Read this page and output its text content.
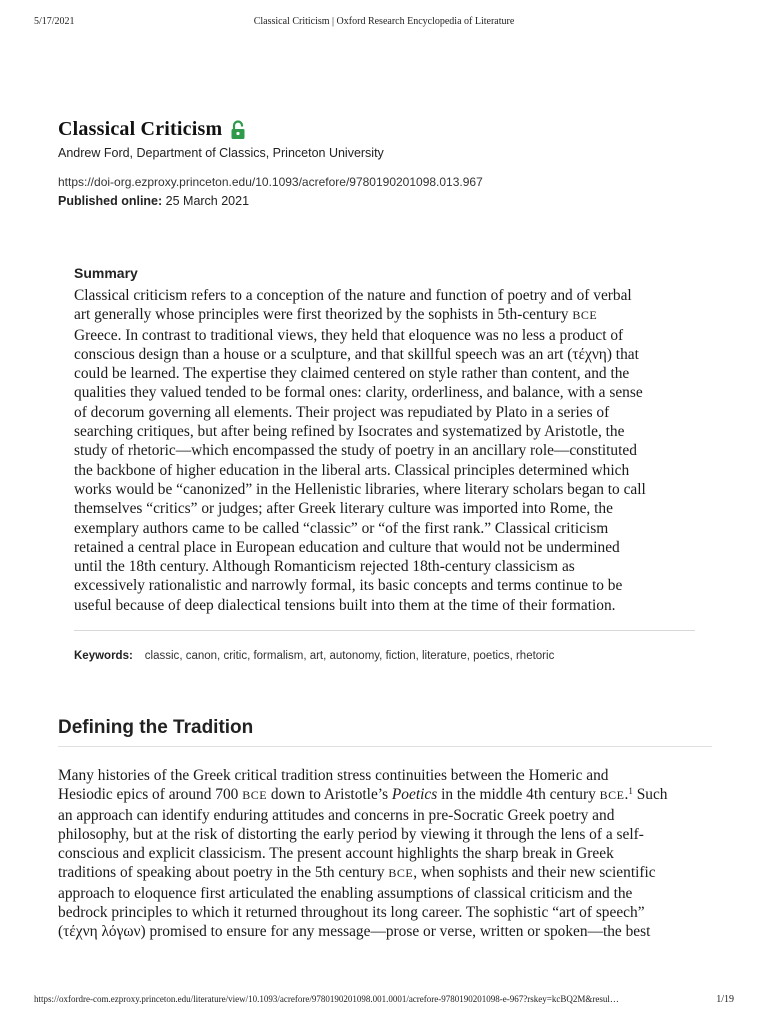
5/17/2021	Classical Criticism | Oxford Research Encyclopedia of Literature
Classical Criticism
Andrew Ford, Department of Classics, Princeton University
https://doi-org.ezproxy.princeton.edu/10.1093/acrefore/9780190201098.013.967
Published online: 25 March 2021
Summary
Classical criticism refers to a conception of the nature and function of poetry and of verbal
art generally whose principles were first theorized by the sophists in 5th-century BCE
Greece. In contrast to traditional views, they held that eloquence was no less a product of
conscious design than a house or a sculpture, and that skillful speech was an art (τέχνη) that
could be learned. The expertise they claimed centered on style rather than content, and the
qualities they valued tended to be formal ones: clarity, orderliness, and balance, with a sense
of decorum governing all elements. Their project was repudiated by Plato in a series of
searching critiques, but after being refined by Isocrates and systematized by Aristotle, the
study of rhetoric—which encompassed the study of poetry in an ancillary role—constituted
the backbone of higher education in the liberal arts. Classical principles determined which
works would be “canonized” in the Hellenistic libraries, where literary scholars began to call
themselves “critics” or judges; after Greek literary culture was imported into Rome, the
exemplary authors came to be called “classic” or “of the first rank.” Classical criticism
retained a central place in European education and culture that would not be undermined
until the 18th century. Although Romanticism rejected 18th-century classicism as
excessively rationalistic and narrowly formal, its basic concepts and terms continue to be
useful because of deep dialectical tensions built into them at the time of their formation.
Keywords: classic, canon, critic, formalism, art, autonomy, fiction, literature, poetics, rhetoric
Defining the Tradition
Many histories of the Greek critical tradition stress continuities between the Homeric and
Hesiodic epics of around 700 BCE down to Aristotle’s Poetics in the middle 4th century BCE.$^1$ Such
an approach can identify enduring attitudes and concerns in pre-Socratic Greek poetry and
philosophy, but at the risk of distorting the early period by viewing it through the lens of a self-
conscious and explicit classicism. The present account highlights the sharp break in Greek
traditions of speaking about poetry in the 5th century BCE, when sophists and their new scientific
approach to eloquence first articulated the enabling assumptions of classical criticism and the
bedrock principles to which it returned throughout its long career. The sophistic “art of speech”
(τέχνη λόγων) promised to ensure for any message—prose or verse, written or spoken—the best
https://oxfordre-com.ezproxy.princeton.edu/literature/view/10.1093/acrefore/9780190201098.001.0001/acrefore-9780190201098-e-967?rskey=kcBQ2M&resul…	1/19
